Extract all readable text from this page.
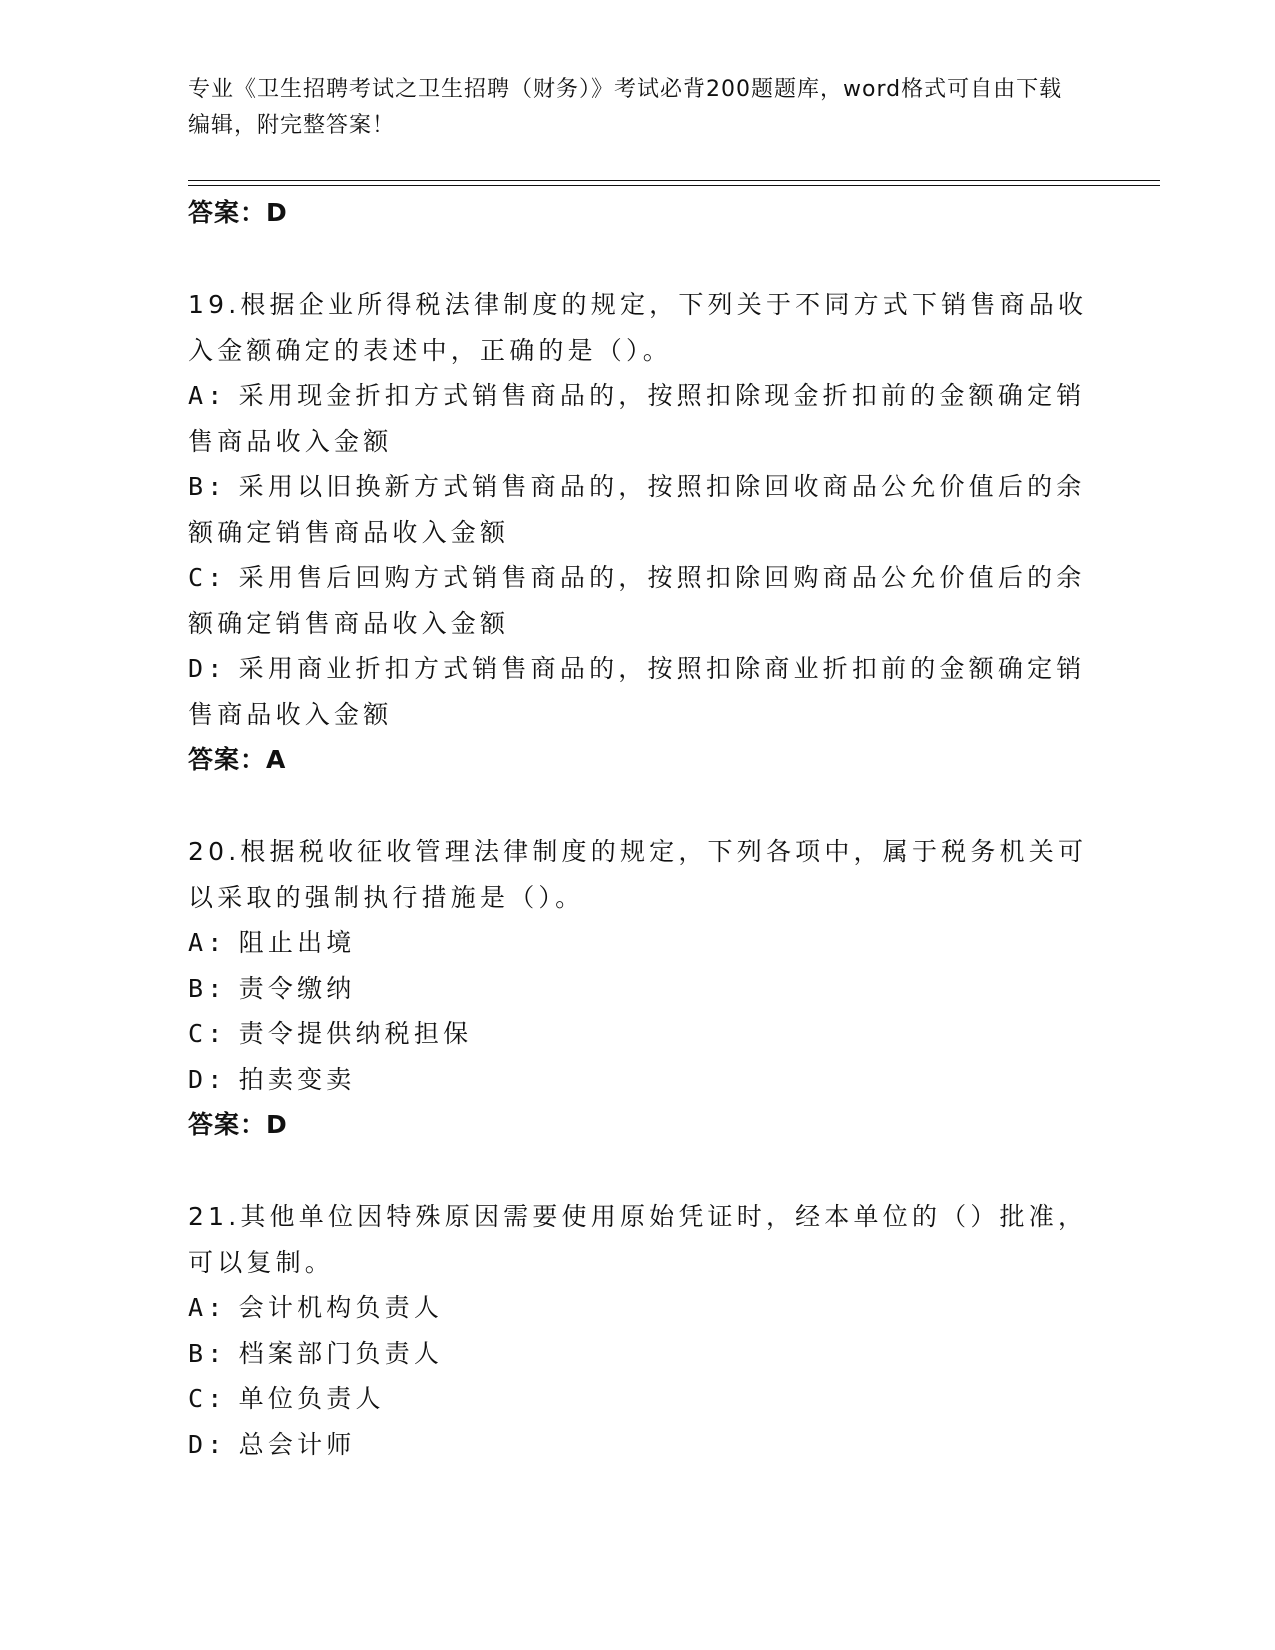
专业《卫生招聘考试之卫生招聘（财务）》考试必背200题题库，word格式可自由下载编辑，附完整答案！
答案：D
19.根据企业所得税法律制度的规定，下列关于不同方式下销售商品收入金额确定的表述中，正确的是（）。
A: 采用现金折扣方式销售商品的，按照扣除现金折扣前的金额确定销售商品收入金额
B: 采用以旧换新方式销售商品的，按照扣除回收商品公允价值后的余额确定销售商品收入金额
C: 采用售后回购方式销售商品的，按照扣除回购商品公允价值后的余额确定销售商品收入金额
D: 采用商业折扣方式销售商品的，按照扣除商业折扣前的金额确定销售商品收入金额
答案：A
20.根据税收征收管理法律制度的规定，下列各项中，属于税务机关可以采取的强制执行措施是（）。
A: 阻止出境
B: 责令缴纳
C: 责令提供纳税担保
D: 拍卖变卖
答案：D
21.其他单位因特殊原因需要使用原始凭证时，经本单位的（）批准，可以复制。
A: 会计机构负责人
B: 档案部门负责人
C: 单位负责人
D: 总会计师
